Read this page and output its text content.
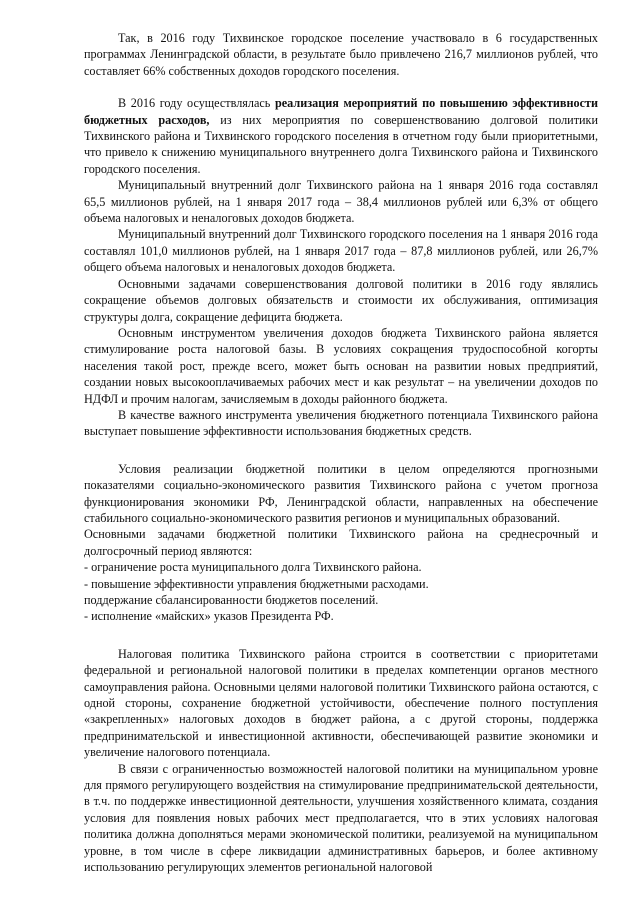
Так, в 2016 году Тихвинское городское поселение участвовало в 6 государственных программах Ленинградской области, в результате было привлечено 216,7 миллионов рублей, что составляет 66% собственных доходов городского поселения.

В 2016 году осуществлялась реализация мероприятий по повышению эффективности бюджетных расходов, из них мероприятия по совершенствованию долговой политики Тихвинского района и Тихвинского городского поселения в отчетном году были приоритетными, что привело к снижению муниципального внутреннего долга Тихвинского района и Тихвинского городского поселения.

Муниципальный внутренний долг Тихвинского района на 1 января 2016 года составлял 65,5 миллионов рублей, на 1 января 2017 года – 38,4 миллионов рублей или 6,3% от общего объема налоговых и неналоговых доходов бюджета.

Муниципальный внутренний долг Тихвинского городского поселения на 1 января 2016 года составлял 101,0 миллионов рублей, на 1 января 2017 года – 87,8 миллионов рублей, или 26,7% общего объема налоговых и неналоговых доходов бюджета.

Основными задачами совершенствования долговой политики в 2016 году являлись сокращение объемов долговых обязательств и стоимости их обслуживания, оптимизация структуры долга, сокращение дефицита бюджета.

Основным инструментом увеличения доходов бюджета Тихвинского района является стимулирование роста налоговой базы. В условиях сокращения трудоспособной когорты населения такой рост, прежде всего, может быть основан на развитии новых предприятий, создании новых высокооплачиваемых рабочих мест и как результат – на увеличении доходов по НДФЛ и прочим налогам, зачисляемым в доходы районного бюджета.

В качестве важного инструмента увеличения бюджетного потенциала Тихвинского района выступает повышение эффективности использования бюджетных средств.

Условия реализации бюджетной политики в целом определяются прогнозными показателями социально-экономического развития Тихвинского района с учетом прогноза функционирования экономики РФ, Ленинградской области, направленных на обеспечение стабильного социально-экономического развития регионов и муниципальных образований.

Основными задачами бюджетной политики Тихвинского района на среднесрочный и долгосрочный период являются:

- ограничение роста муниципального долга Тихвинского района.

- повышение эффективности управления бюджетными расходами.

поддержание сбалансированности бюджетов поселений.

- исполнение «майских» указов Президента РФ.

Налоговая политика Тихвинского района строится в соответствии с приоритетами федеральной и региональной налоговой политики в пределах компетенции органов местного самоуправления района. Основными целями налоговой политики Тихвинского района остаются, с одной стороны, сохранение бюджетной устойчивости, обеспечение полного поступления «закрепленных» налоговых доходов в бюджет района, а с другой стороны, поддержка предпринимательской и инвестиционной активности, обеспечивающей развитие экономики и увеличение налогового потенциала.

В связи с ограниченностью возможностей налоговой политики на муниципальном уровне для прямого регулирующего воздействия на стимулирование предпринимательской деятельности, в т.ч. по поддержке инвестиционной деятельности, улучшения хозяйственного климата, создания условия для появления новых рабочих мест предполагается, что в этих условиях налоговая политика должна дополняться мерами экономической политики, реализуемой на муниципальном уровне, в том числе в сфере ликвидации административных барьеров, и более активному использованию регулирующих элементов региональной налоговой
